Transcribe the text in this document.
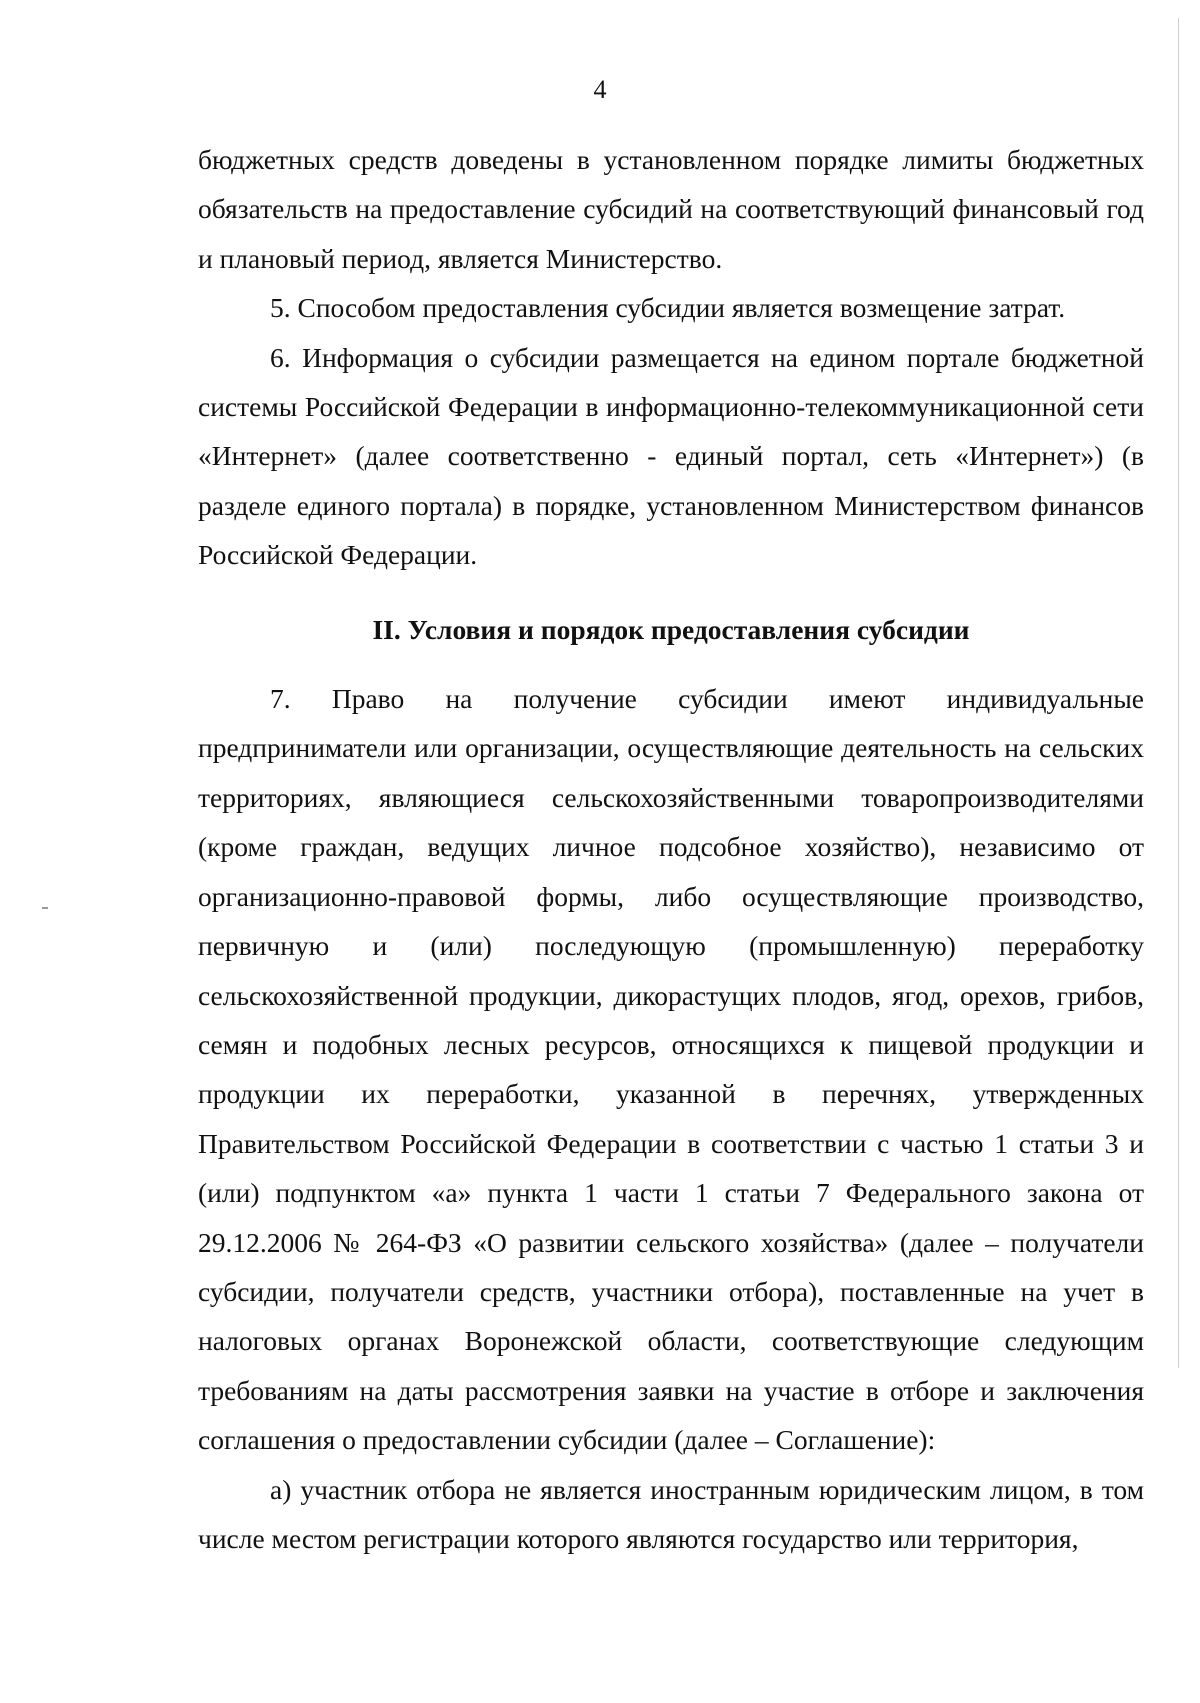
4

бюджетных средств доведены в установленном порядке лимиты бюджетных обязательств на предоставление субсидий на соответствующий финансовый год и плановый период, является Министерство.

5. Способом предоставления субсидии является возмещение затрат.

6. Информация о субсидии размещается на едином портале бюджетной системы Российской Федерации в информационно-телекоммуникационной сети «Интернет» (далее соответственно - единый портал, сеть «Интернет») (в разделе единого портала) в порядке, установленном Министерством финансов Российской Федерации.

II. Условия и порядок предоставления субсидии

7. Право на получение субсидии имеют индивидуальные предприниматели или организации, осуществляющие деятельность на сельских территориях, являющиеся сельскохозяйственными товаропроизводителями (кроме граждан, ведущих личное подсобное хозяйство), независимо от организационно-правовой формы, либо осуществляющие производство, первичную и (или) последующую (промышленную) переработку сельскохозяйственной продукции, дикорастущих плодов, ягод, орехов, грибов, семян и подобных лесных ресурсов, относящихся к пищевой продукции и продукции их переработки, указанной в перечнях, утвержденных Правительством Российской Федерации в соответствии с частью 1 статьи 3 и (или) подпунктом «а» пункта 1 части 1 статьи 7 Федерального закона от 29.12.2006 № 264-ФЗ «О развитии сельского хозяйства» (далее – получатели субсидии, получатели средств, участники отбора), поставленные на учет в налоговых органах Воронежской области, соответствующие следующим требованиям на даты рассмотрения заявки на участие в отборе и заключения соглашения о предоставлении субсидии (далее – Соглашение):

а) участник отбора не является иностранным юридическим лицом, в том числе местом регистрации которого являются государство или территория,
